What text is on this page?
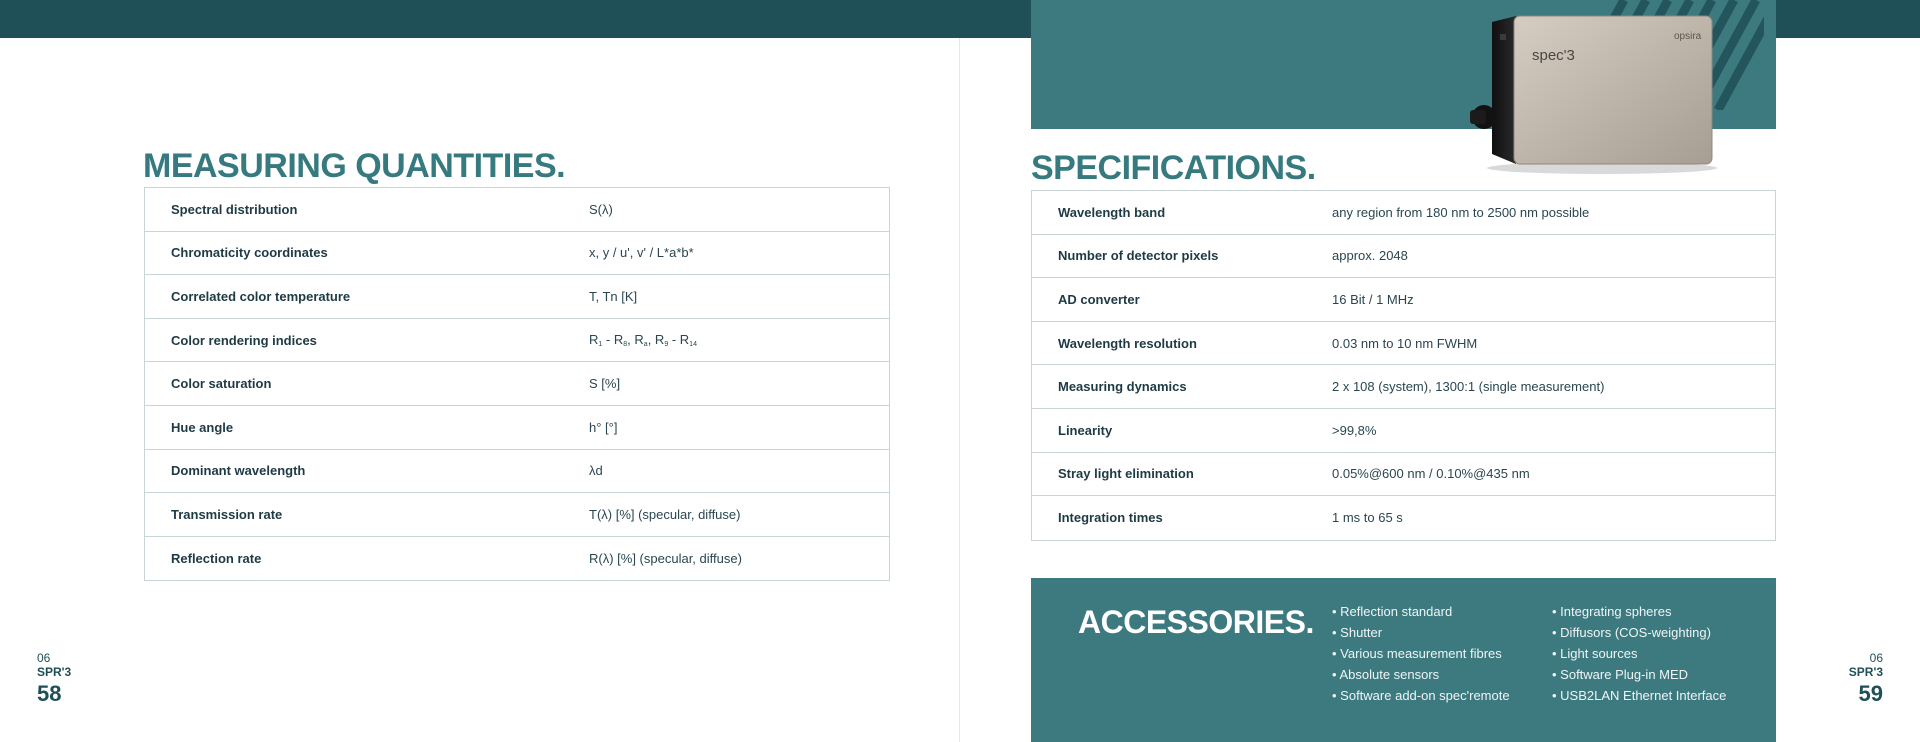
MEASURING QUANTITIES.
Spectral distribution	S(λ)
Chromaticity coordinates	x, y / u', v' / L*a*b*
Correlated color temperature	T, Tn [K]
Color rendering indices	$R_1 - R_8$, $R_a$, $R_9 - R_{14}$
Color saturation	S [%]
Hue angle	h° [°]
Dominant wavelength	λd
Transmission rate	T(λ) [%] (specular, diffuse)
Reflection rate	R(λ) [%] (specular, diffuse)
06
SPR'3
58
spec'3
opsira
SPECIFICATIONS.
Wavelength band	any region from 180 nm to 2500 nm possible
Number of detector pixels	approx. 2048
AD converter	16 Bit / 1 MHz
Wavelength resolution	0.03 nm to 10 nm FWHM
Measuring dynamics	2 x 108 (system), 1300:1 (single measurement)
Linearity	>99,8%
Stray light elimination	0.05%@600 nm / 0.10%@435 nm
Integration times	1 ms to 65 s
ACCESSORIES.
•	Reflection standard
• Shutter
• Various measurement fibres
• Absolute sensors
• Software add-on spec'remote
• Integrating spheres
• Diffusors (COS-weighting)
• Light sources
• Software Plug-in MED
• USB2LAN Ethernet Interface
06
SPR'3
59
